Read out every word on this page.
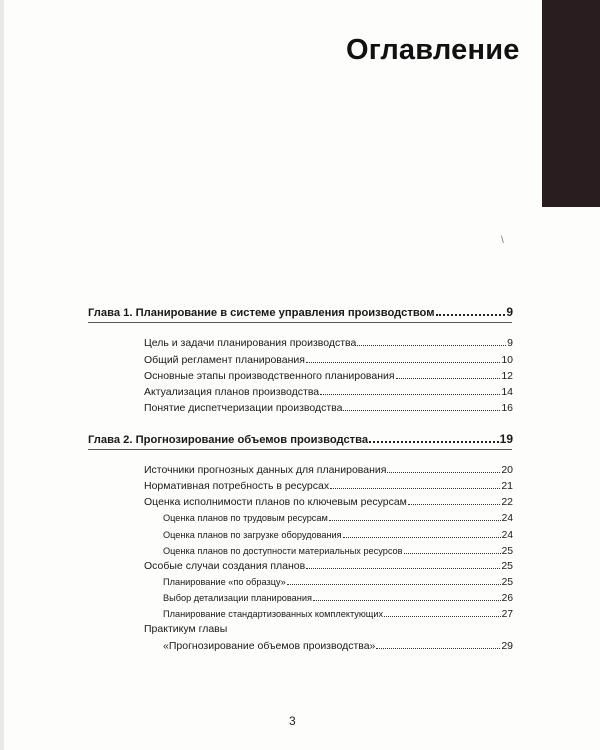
\
Оглавление
Глава 1. Планирование в системе управления производством	9
Цель и задачи планирования производства	9
Общий регламент планирования	10
Основные этапы производственного планирования	12
Актуализация планов производства	14
Понятие диспетчеризации производства	16
Глава 2. Прогнозирование объемов производства	19
Источники прогнозных данных для планирования	20
Нормативная потребность в ресурсах	21
Оценка исполнимости планов по ключевым ресурсам	22
Оценка планов по трудовым ресурсам	24
Оценка планов по загрузке оборудования	24
Оценка планов по доступности материальных ресурсов	25
Особые случаи создания планов	25
Планирование «по образцу»	25
Выбор детализации планирования	26
Планирование стандартизованных комплектующих	27
Практикум главы
«Прогнозирование объемов производства»	29
3
